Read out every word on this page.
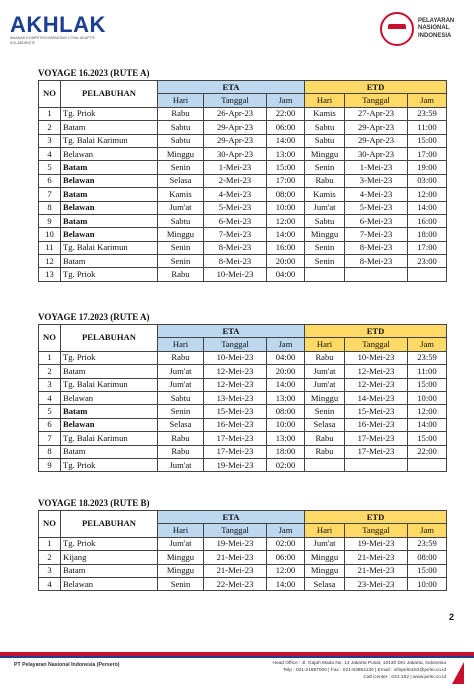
AKHLAK
AMANAH KOMPETEN HARMONIS LOYAL ADAPTIF KOLABORATIF
PELAYARAN
NASIONAL
INDONESIA
VOYAGE 16.2023 (RUTE A)
NO	PELABUHAN	ETA			ETD		
		Hari	Tanggal	Jam	Hari	Tanggal	Jam
1	Tg. Priok	Rabu	26-Apr-23	22:00	Kamis	27-Apr-23	23:59
2	Batam	Sabtu	29-Apr-23	06:00	Sabtu	29-Apr-23	11:00
3	Tg. Balai Karimun	Sabtu	29-Apr-23	14:00	Sabtu	29-Apr-23	15:00
4	Belawan	Minggu	30-Apr-23	13:00	Minggu	30-Apr-23	17:00
5	Batam	Senin	1-Mei-23	15:00	Senin	1-Mei-23	19:00
6	Belawan	Selasa	2-Mei-23	17:00	Rabu	3-Mei-23	03:00
7	Batam	Kamis	4-Mei-23	08:00	Kamis	4-Mei-23	12:00
8	Belawan	Jum'at	5-Mei-23	10:00	Jum'at	5-Mei-23	14:00
9	Batam	Sabtu	6-Mei-23	12:00	Sabtu	6-Mei-23	16:00
10	Belawan	Minggu	7-Mei-23	14:00	Minggu	7-Mei-23	18:00
11	Tg. Balai Karimun	Senin	8-Mei-23	16:00	Senin	8-Mei-23	17:00
12	Batam	Senin	8-Mei-23	20:00	Senin	8-Mei-23	23:00
13	Tg. Priok	Rabu	10-Mei-23	04:00			
VOYAGE 17.2023 (RUTE A)
NO	PELABUHAN	ETA			ETD		
		Hari	Tanggal	Jam	Hari	Tanggal	Jam
1	Tg. Priok	Rabu	10-Mei-23	04:00	Rabu	10-Mei-23	23:59
2	Batam	Jum'at	12-Mei-23	20:00	Jum'at	12-Mei-23	11:00
3	Tg. Balai Karimun	Jum'at	12-Mei-23	14:00	Jum'at	12-Mei-23	15:00
4	Belawan	Sabtu	13-Mei-23	13:00	Minggu	14-Mei-23	10:00
5	Batam	Senin	15-Mei-23	08:00	Senin	15-Mei-23	12:00
6	Belawan	Selasa	16-Mei-23	10:00	Selasa	16-Mei-23	14:00
7	Tg. Balai Karimun	Rabu	17-Mei-23	13:00	Rabu	17-Mei-23	15:00
8	Batam	Rabu	17-Mei-23	18:00	Rabu	17-Mei-23	22:00
9	Tg. Priok	Jum'at	19-Mei-23	02:00			
VOYAGE 18.2023 (RUTE B)
NO	PELABUHAN	ETA			ETD		
		Hari	Tanggal	Jam	Hari	Tanggal	Jam
1	Tg. Priok	Jum'at	19-Mei-23	02:00	Jum'at	19-Mei-23	23:59
2	Kijang	Minggu	21-Mei-23	06:00	Minggu	21-Mei-23	08:00
3	Batam	Minggu	21-Mei-23	12:00	Minggu	21-Mei-23	15:00
4	Belawan	Senin	22-Mei-23	14:00	Selasa	23-Mei-23	10:00
2
PT Pelayaran Nasional Indonesia (Persero)	Head Office : Jl. Gajah Mada No. 14 Jakarta Pusat, 10130 DKI Jakarta, Indonesia
Telp : 021-21887000 | Fax : 021-63854130 | Email : infopelni162@pelni.co.id
Call Center : 021-162 | www.pelni.co.id
